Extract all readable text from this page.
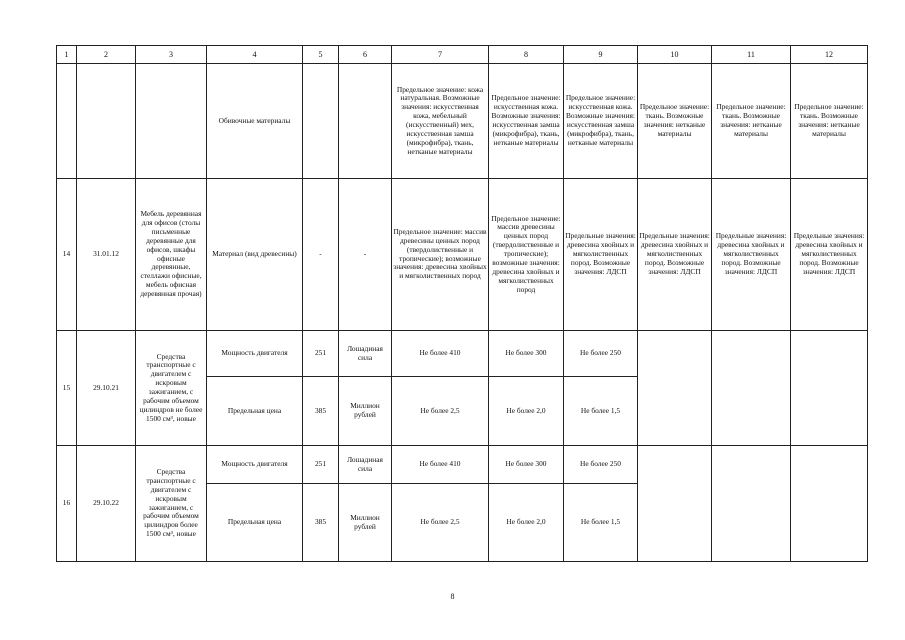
1	2	3	4	5	6	7	8	9	10	11	12
			Обивочные материалы			Предельное значение: кожа натуральная. Возможные значения: искусственная кожа, мебельный (искусственный) мех, искусственная замша (микрофибра), ткань, нетканые материалы	Предельное значение: искусственная кожа. Возможные значения: искусственная замша (микрофибра), ткань, нетканые материалы	Предельное значение: искусственная кожа. Возможные значения: искусственная замша (микрофибра), ткань, нетканые материалы	Предельное значение: ткань. Возможные значения: нетканые материалы	Предельное значение: ткань. Возможные значения: нетканые материалы	Предельное значение: ткань. Возможные значения: нетканые материалы
14	31.01.12	Мебель деревянная для офисов (столы письменные деревянные для офисов, шкафы офисные деревянные, стеллажи офисные, мебель офисная деревянная прочая)	Материал (вид древесины)	-	-	Предельное значение: массив древесины ценных пород (твердолиственные и тропические); возможные значения: древесина хвойных и мягколиственных пород	Предельное значение: массив древесины ценных пород (твердолиственные и тропические); возможные значения: древесина хвойных и мягколиственных пород	Предельные значения: древесина хвойных и мягколиственных пород. Возможные значения: ЛДСП	Предельные значения: древесина хвойных и мягколиственных пород. Возможные значения: ЛДСП	Предельные значения: древесина хвойных и мягколиственных пород. Возможные значения: ЛДСП	Предельные значения: древесина хвойных и мягколиственных пород. Возможные значения: ЛДСП
15	29.10.21	Средства транспортные с двигателем с искровым зажиганием, с рабочим объемом цилиндров не более 1500 см³, новые	Мощность двигателя	251	Лошадиная сила	Не более 410	Не более 300	Не более 250			
			Предельная цена	385	Миллион рублей	Не более 2,5	Не более 2,0	Не более 1,5			
16	29.10.22	Средства транспортные с двигателем с искровым зажиганием, с рабочим объемом цилиндров более 1500 см³, новые	Мощность двигателя	251	Лошадиная сила	Не более 410	Не более 300	Не более 250			
			Предельная цена	385	Миллион рублей	Не более 2,5	Не более 2,0	Не более 1,5			
8
